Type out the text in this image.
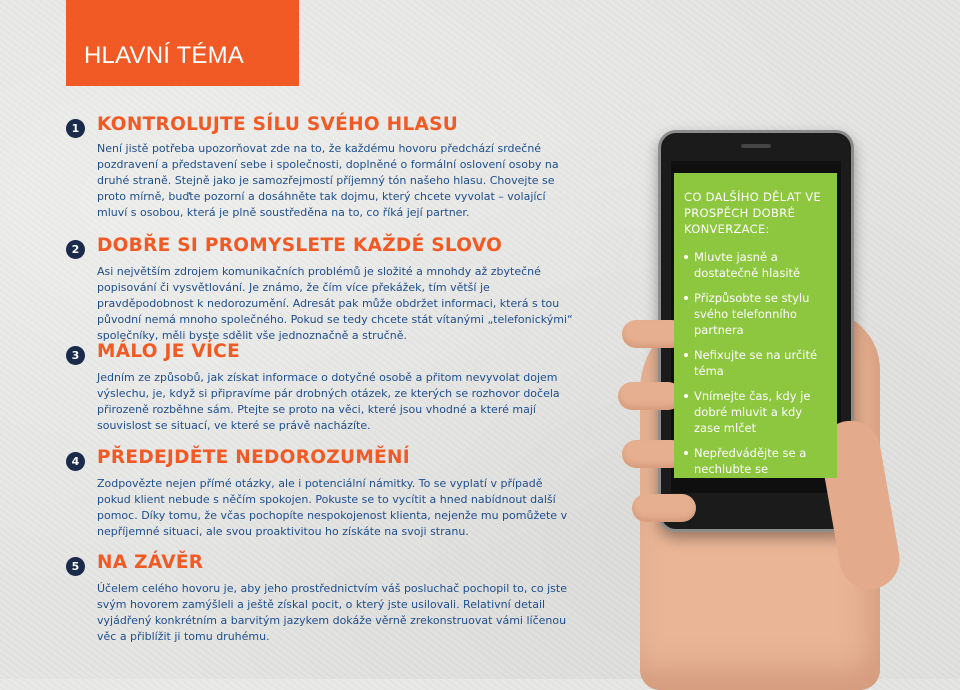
HLAVNÍ TÉMA
1 KONTROLUJTE SÍLU SVÉHO HLASU

Není jistě potřeba upozorňovat zde na to, že každému hovoru předchází srdečné pozdravení a představení sebe i společnosti, doplněné o formální oslovení osoby na druhé straně. Stejně jako je samozřejmostí příjemný tón našeho hlasu. Chovejte se proto mírně, buďte pozorní a dosáhněte tak dojmu, který chcete vyvolat – volající mluví s osobou, která je plně soustředěna na to, co říká její partner.

2 DOBŘE SI PROMYSLETE KAŽDÉ SLOVO

Asi největším zdrojem komunikačních problémů je složité a mnohdy až zbytečné popisování či vysvětlování. Je známo, že čím více překážek, tím větší je pravděpodobnost k nedorozumění. Adresát pak může obdržet informaci, která s tou původní nemá mnoho společného. Pokud se tedy chcete stát vítanými „telefonickými“ společníky, měli byste sdělit vše jednoznačně a stručně.

3 MÁLO JE VÍCE

Jedním ze způsobů, jak získat informace o dotyčné osobě a přitom nevyvolat dojem výslechu, je, když si připravíme pár drobných otázek, ze kterých se rozhovor dočela přirozeně rozběhne sám. Ptejte se proto na věci, které jsou vhodné a které mají souvislost se situací, ve které se právě nacházíte.

4 PŘEDEJDĚTE NEDOROZUMĚNÍ

Zodpovězte nejen přímé otázky, ale i potenciální námitky. To se vyplatí v případě pokud klient nebude s něčím spokojen. Pokuste se to vycítit a hned nabídnout další pomoc. Díky tomu, že včas pochopíte nespokojenost klienta, nejenže mu pomůžete v nepříjemné situaci, ale svou proaktivitou ho získáte na svoji stranu.

5 NA ZÁVĚR

Účelem celého hovoru je, aby jeho prostřednictvím váš posluchač pochopil to, co jste svým hovorem zamýšleli a ještě získal pocit, o který jste usilovali. Relativní detail vyjádřený konkrétním a barvitým jazykem dokáže věrně zrekonstruovat vámi líčenou věc a přiblížit ji tomu druhému.

CO DALŠÍHO DĚLAT VE PROSPĚCH DOBRÉ KONVERZACE:
Mluvte jasně a dostatečně hlasitě
Přizpůsobte se stylu svého telefonního partnera
Nefixujte se na určité téma
Vnímejte čas, kdy je dobré mluvit a kdy zase mlčet
Nepředvádějte se a nechlubte se
